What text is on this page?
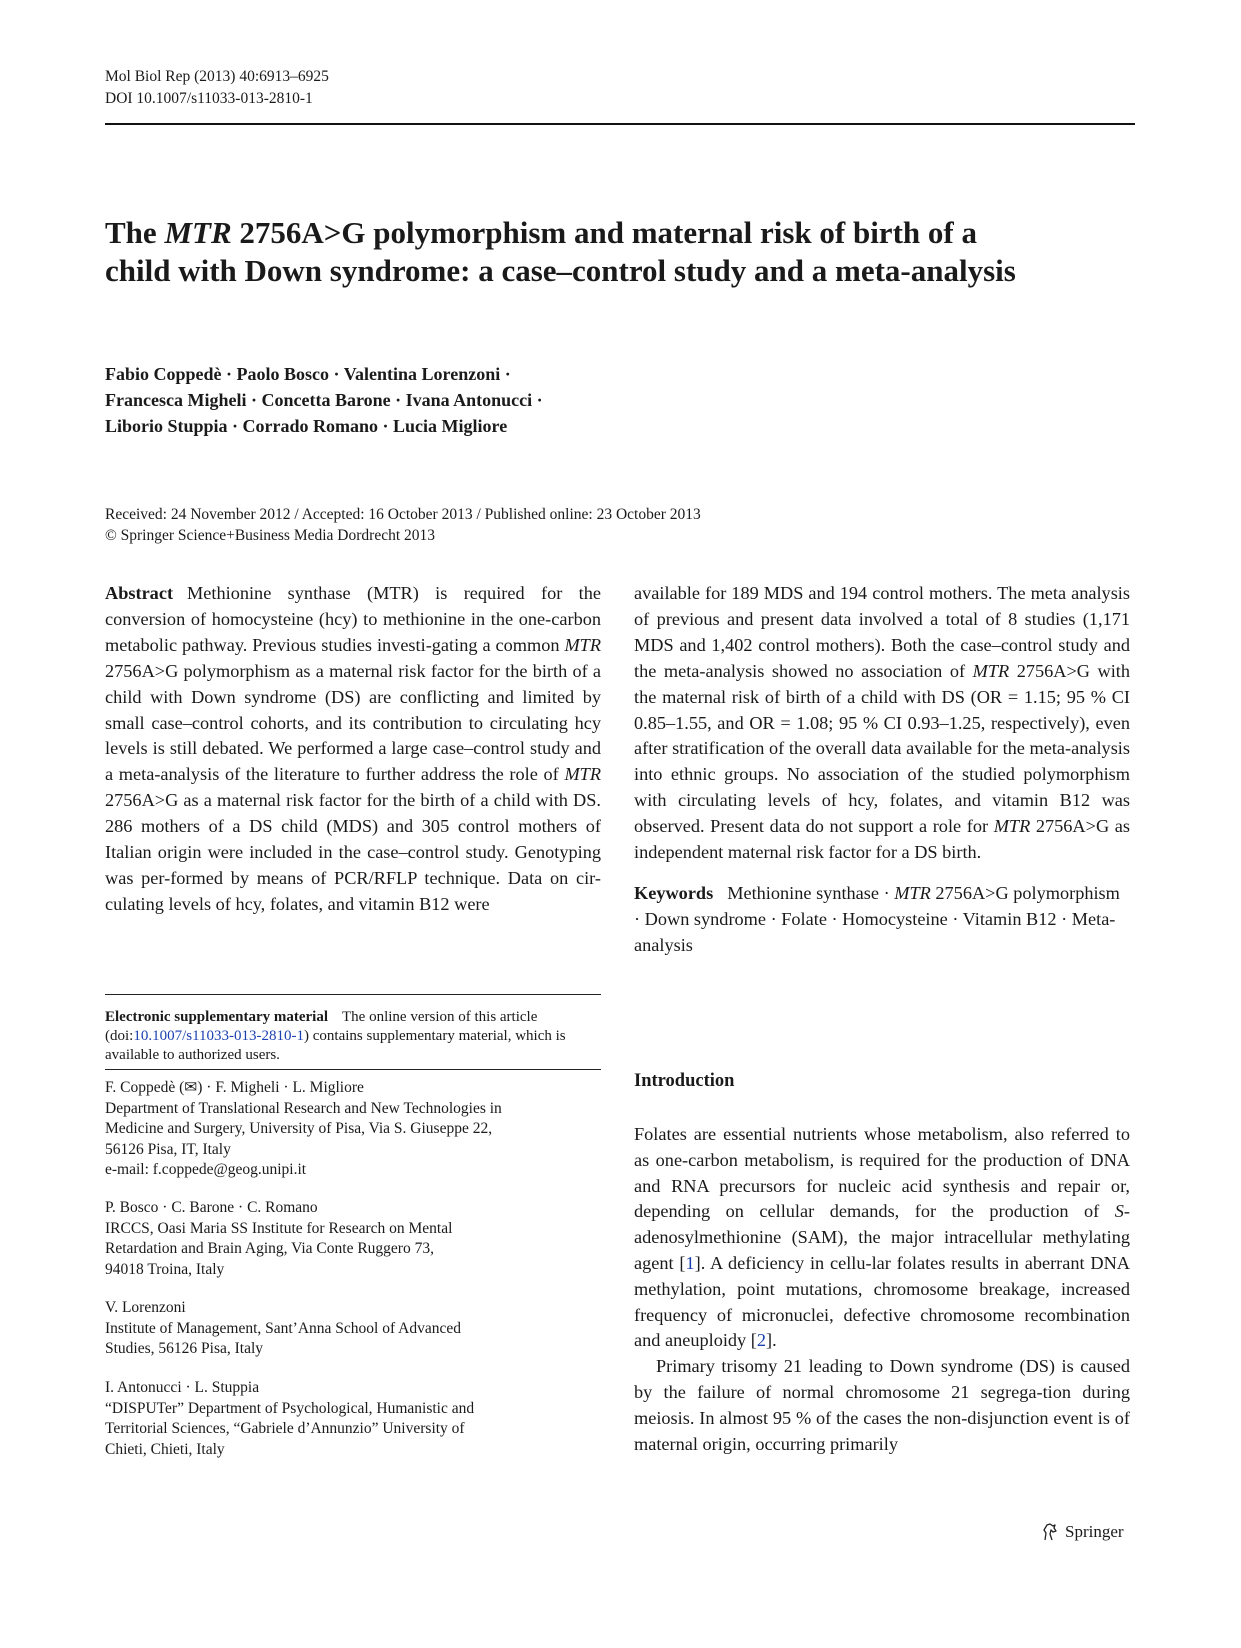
Mol Biol Rep (2013) 40:6913–6925
DOI 10.1007/s11033-013-2810-1
The MTR 2756A>G polymorphism and maternal risk of birth of a child with Down syndrome: a case–control study and a meta-analysis
Fabio Coppedè · Paolo Bosco · Valentina Lorenzoni ·
Francesca Migheli · Concetta Barone · Ivana Antonucci ·
Liborio Stuppia · Corrado Romano · Lucia Migliore
Received: 24 November 2012 / Accepted: 16 October 2013 / Published online: 23 October 2013
© Springer Science+Business Media Dordrecht 2013

Abstract Methionine synthase (MTR) is required for the conversion of homocysteine (hcy) to methionine in the one-carbon metabolic pathway. Previous studies investi-gating a common MTR 2756A>G polymorphism as a maternal risk factor for the birth of a child with Down syndrome (DS) are conflicting and limited by small case–control cohorts, and its contribution to circulating hcy levels is still debated. We performed a large case–control study and a meta-analysis of the literature to further address the role of MTR 2756A>G as a maternal risk factor for the birth of a child with DS. 286 mothers of a DS child (MDS) and 305 control mothers of Italian origin were included in the case–control study. Genotyping was per-formed by means of PCR/RFLP technique. Data on cir-culating levels of hcy, folates, and vitamin B12 were

available for 189 MDS and 194 control mothers. The meta analysis of previous and present data involved a total of 8 studies (1,171 MDS and 1,402 control mothers). Both the case–control study and the meta-analysis showed no association of MTR 2756A>G with the maternal risk of birth of a child with DS (OR = 1.15; 95 % CI 0.85–1.55, and OR = 1.08; 95 % CI 0.93–1.25, respectively), even after stratification of the overall data available for the meta-analysis into ethnic groups. No association of the studied polymorphism with circulating levels of hcy, folates, and vitamin B12 was observed. Present data do not support a role for MTR 2756A>G as independent maternal risk factor for a DS birth.

Keywords Methionine synthase · MTR 2756A>G polymorphism · Down syndrome · Folate · Homocysteine · Vitamin B12 · Meta-analysis

Electronic supplementary material The online version of this article (doi:10.1007/s11033-013-2810-1) contains supplementary material, which is available to authorized users.

F. Coppedè (✉) · F. Migheli · L. Migliore

Department of Translational Research and New Technologies in

Medicine and Surgery, University of Pisa, Via S. Giuseppe 22,

56126 Pisa, IT, Italy

e-mail: f.coppede@geog.unipi.it

P. Bosco · C. Barone · C. Romano

IRCCS, Oasi Maria SS Institute for Research on Mental

Retardation and Brain Aging, Via Conte Ruggero 73,

94018 Troina, Italy

V. Lorenzoni

Institute of Management, Sant’Anna School of Advanced

Studies, 56126 Pisa, Italy

I. Antonucci · L. Stuppia

“DISPUTer” Department of Psychological, Humanistic and

Territorial Sciences, “Gabriele d’Annunzio” University of

Chieti, Chieti, Italy

Introduction

Folates are essential nutrients whose metabolism, also referred to as one-carbon metabolism, is required for the production of DNA and RNA precursors for nucleic acid synthesis and repair or, depending on cellular demands, for the production of S-adenosylmethionine (SAM), the major intracellular methylating agent [1]. A deficiency in cellu-lar folates results in aberrant DNA methylation, point mutations, chromosome breakage, increased frequency of micronuclei, defective chromosome recombination and aneuploidy [2].

Primary trisomy 21 leading to Down syndrome (DS) is caused by the failure of normal chromosome 21 segrega-tion during meiosis. In almost 95 % of the cases the non-disjunction event is of maternal origin, occurring primarily

Springer
